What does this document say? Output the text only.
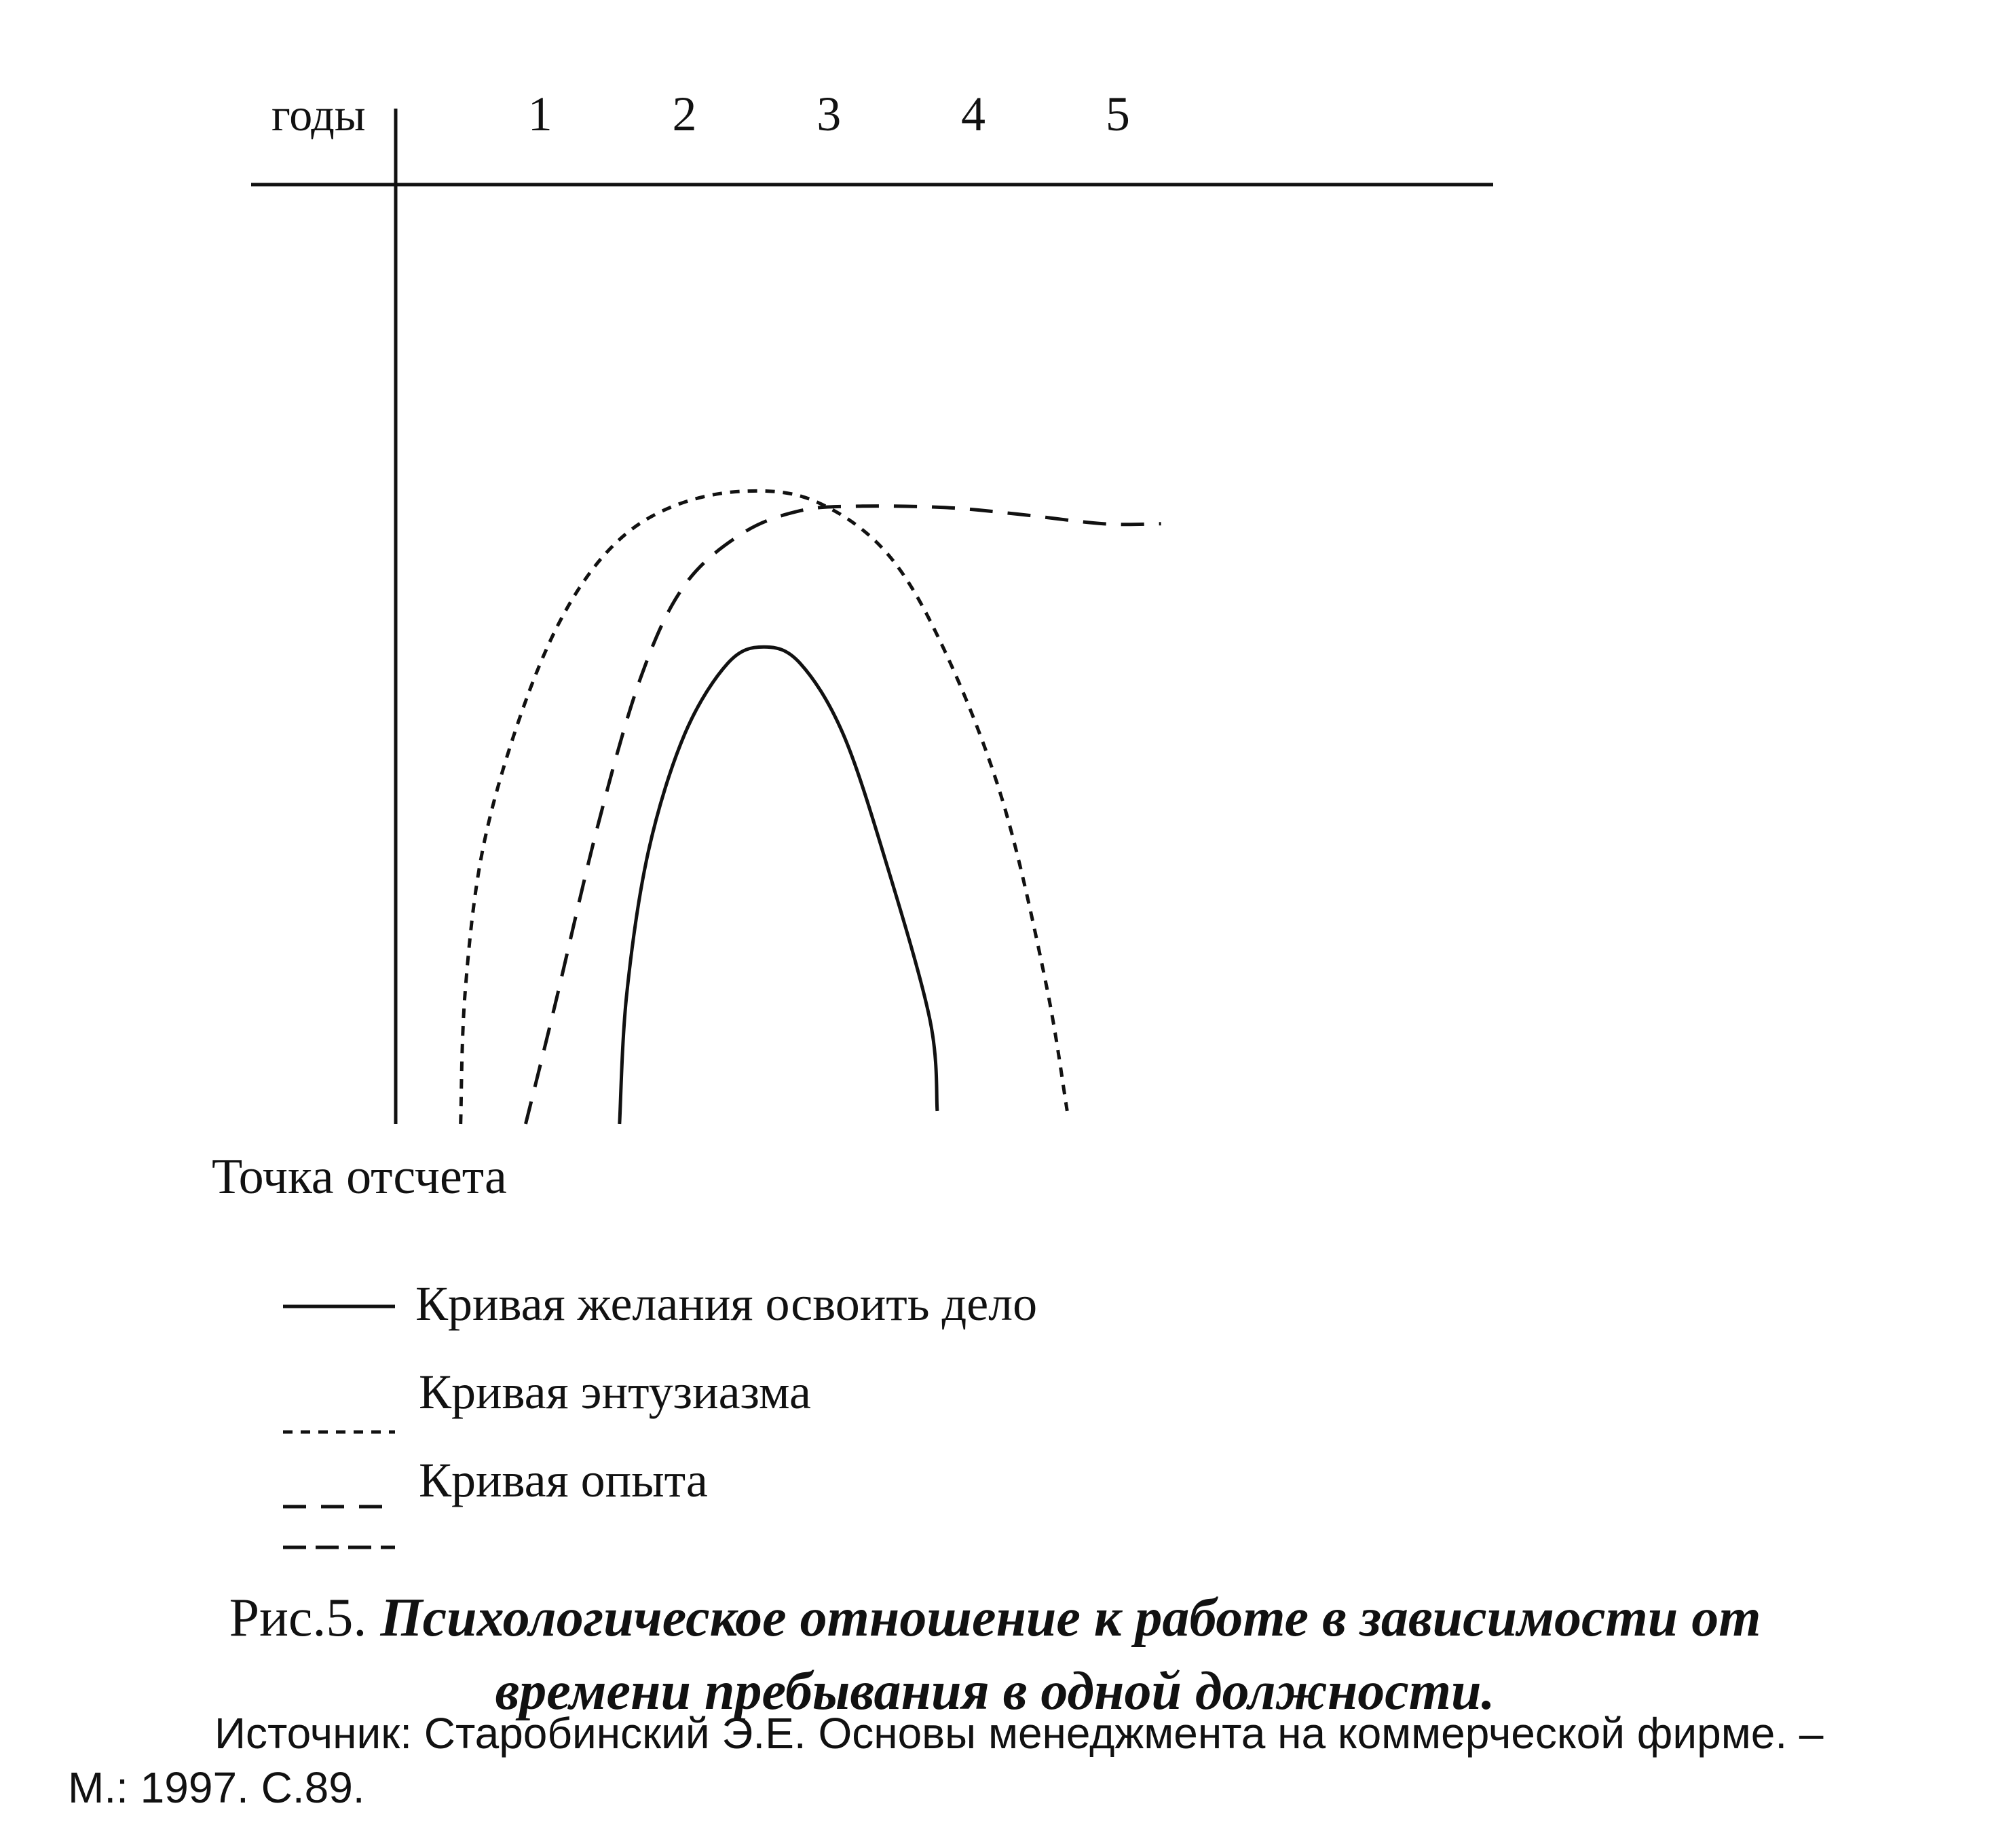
годы	1 2 3 4 5
Точка отсчета
Кривая желания освоить дело
Кривая энтузиазма
Кривая опыта
Рис.5. Психологическое отношение к работе в зависимости от
времени пребывания в одной должности.
Источник: Старобинский Э.Е. Основы менеджмента на коммерческой фирме. –
М.: 1997. С.89.
